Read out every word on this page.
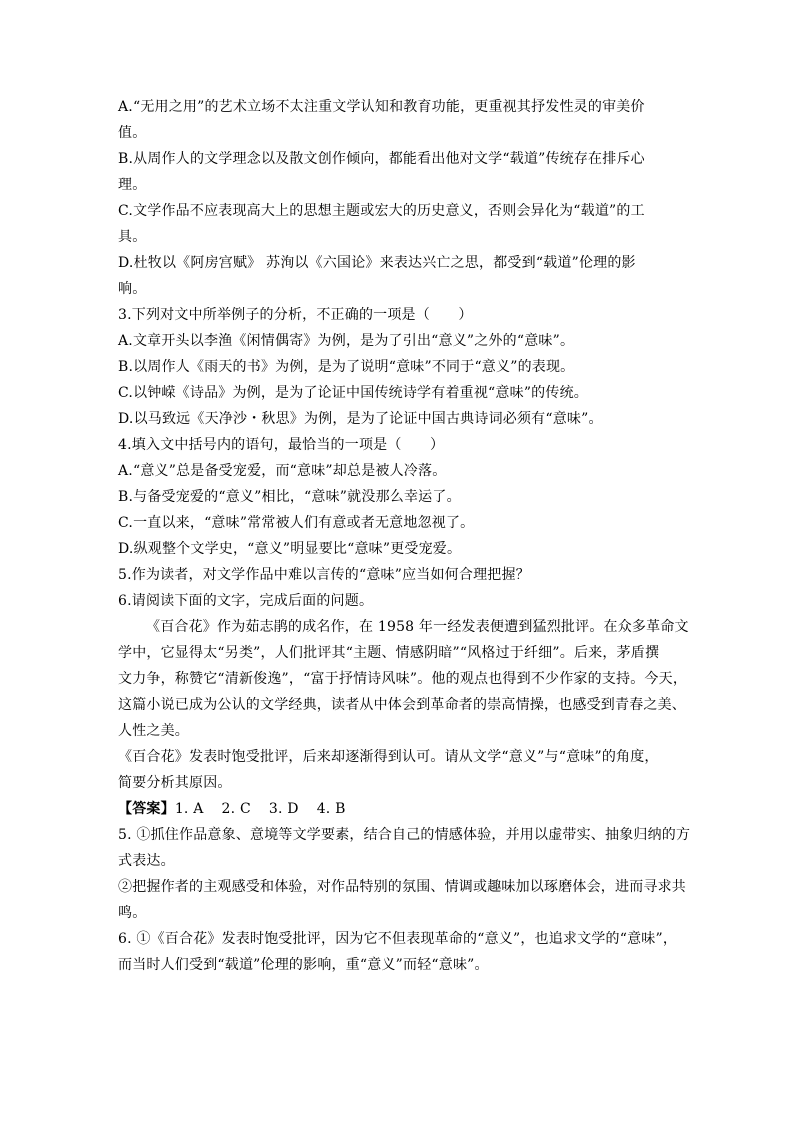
A.“无用之用”的艺术立场不太注重文学认知和教育功能，更重视其抒发性灵的审美价
值。
B.从周作人的文学理念以及散文创作倾向，都能看出他对文学“载道”传统存在排斥心
理。
C.文学作品不应表现高大上的思想主题或宏大的历史意义，否则会异化为“载道”的工
具。
D.杜牧以《阿房宫赋》 苏洵以《六国论》来表达兴亡之思，都受到“载道”伦理的影
响。
3.下列对文中所举例子的分析，不正确的一项是（　　）
A.文章开头以李渔《闲情偶寄》为例，是为了引出“意义”之外的“意味”。
B.以周作人《雨天的书》为例，是为了说明“意味”不同于“意义”的表现。
C.以钟嵘《诗品》为例，是为了论证中国传统诗学有着重视“意味”的传统。
D.以马致远《天净沙・秋思》为例，是为了论证中国古典诗词必须有“意味”。
4.填入文中括号内的语句，最恰当的一项是（　　）
A.“意义”总是备受宠爱，而“意味”却总是被人冷落。
B.与备受宠爱的“意义”相比，“意味”就没那么幸运了。
C.一直以来，“意味”常常被人们有意或者无意地忽视了。
D.纵观整个文学史，“意义”明显要比“意味”更受宠爱。
5.作为读者，对文学作品中难以言传的“意味”应当如何合理把握？
6.请阅读下面的文字，完成后面的问题。
《百合花》作为茹志鹃的成名作，在 1958 年一经发表便遭到猛烈批评。在众多革命文
学中，它显得太“另类”，人们批评其“主题、情感阴暗”“风格过于纤细”。后来，茅盾撰
文力争，称赞它“清新俊逸”，“富于抒情诗风味”。他的观点也得到不少作家的支持。今天，
这篇小说已成为公认的文学经典，读者从中体会到革命者的崇高情操，也感受到青春之美、
人性之美。
《百合花》发表时饱受批评，后来却逐渐得到认可。请从文学“意义”与“意味”的角度，
简要分析其原因。
【答案】1. A 2. C 3. D 4. B
5. ①抓住作品意象、意境等文学要素，结合自己的情感体验，并用以虚带实、抽象归纳的方
式表达。
②把握作者的主观感受和体验，对作品特别的氛围、情调或趣味加以琢磨体会，进而寻求共
鸣。
6. ①《百合花》发表时饱受批评，因为它不但表现革命的“意义”，也追求文学的“意味”，
而当时人们受到“载道”伦理的影响，重“意义”而轻“意味”。
